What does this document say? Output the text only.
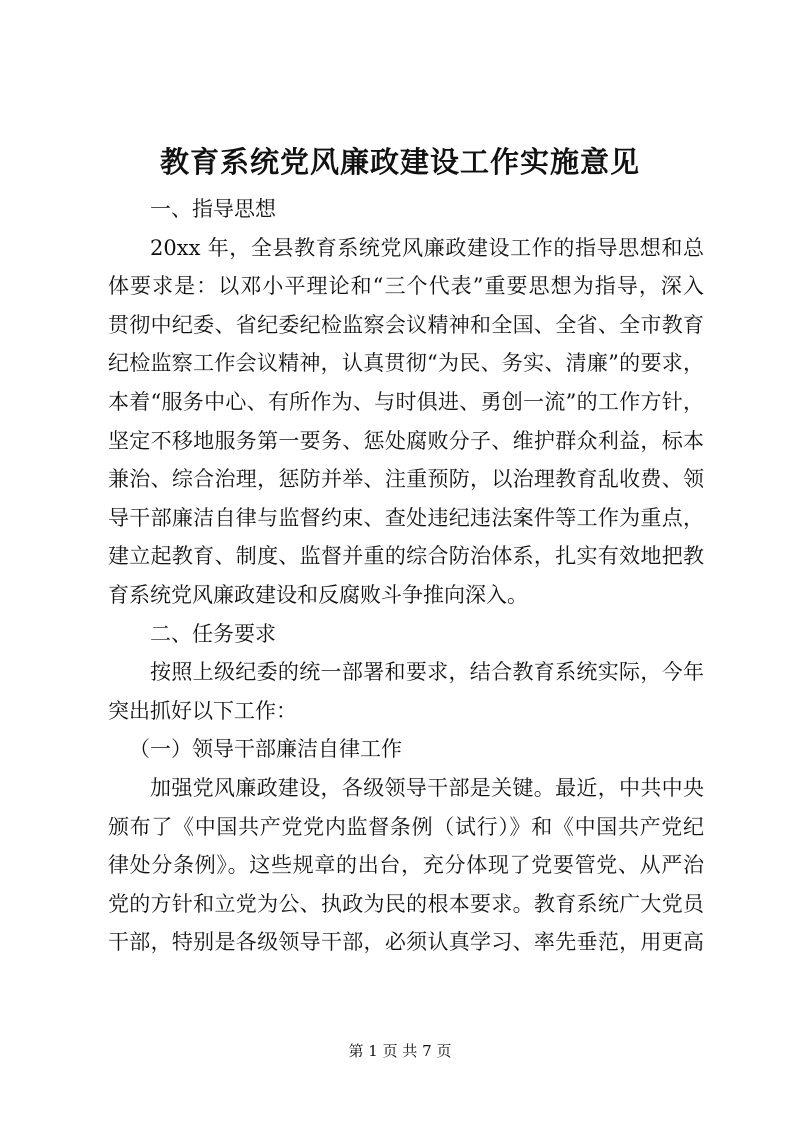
教育系统党风廉政建设工作实施意见
一、指导思想
20xx 年，全县教育系统党风廉政建设工作的指导思想和总
体要求是：以邓小平理论和“三个代表”重要思想为指导，深入
贯彻中纪委、省纪委纪检监察会议精神和全国、全省、全市教育
纪检监察工作会议精神，认真贯彻“为民、务实、清廉”的要求，
本着“服务中心、有所作为、与时俱进、勇创一流”的工作方针，
坚定不移地服务第一要务、惩处腐败分子、维护群众利益，标本
兼治、综合治理，惩防并举、注重预防，以治理教育乱收费、领
导干部廉洁自律与监督约束、查处违纪违法案件等工作为重点，
建立起教育、制度、监督并重的综合防治体系，扎实有效地把教
育系统党风廉政建设和反腐败斗争推向深入。
二、任务要求
按照上级纪委的统一部署和要求，结合教育系统实际，今年
突出抓好以下工作：
（一）领导干部廉洁自律工作
加强党风廉政建设，各级领导干部是关键。最近，中共中央
颁布了《中国共产党党内监督条例（试行）》和《中国共产党纪
律处分条例》。这些规章的出台，充分体现了党要管党、从严治
党的方针和立党为公、执政为民的根本要求。教育系统广大党员
干部，特别是各级领导干部，必须认真学习、率先垂范，用更高
第 1 页 共 7 页
